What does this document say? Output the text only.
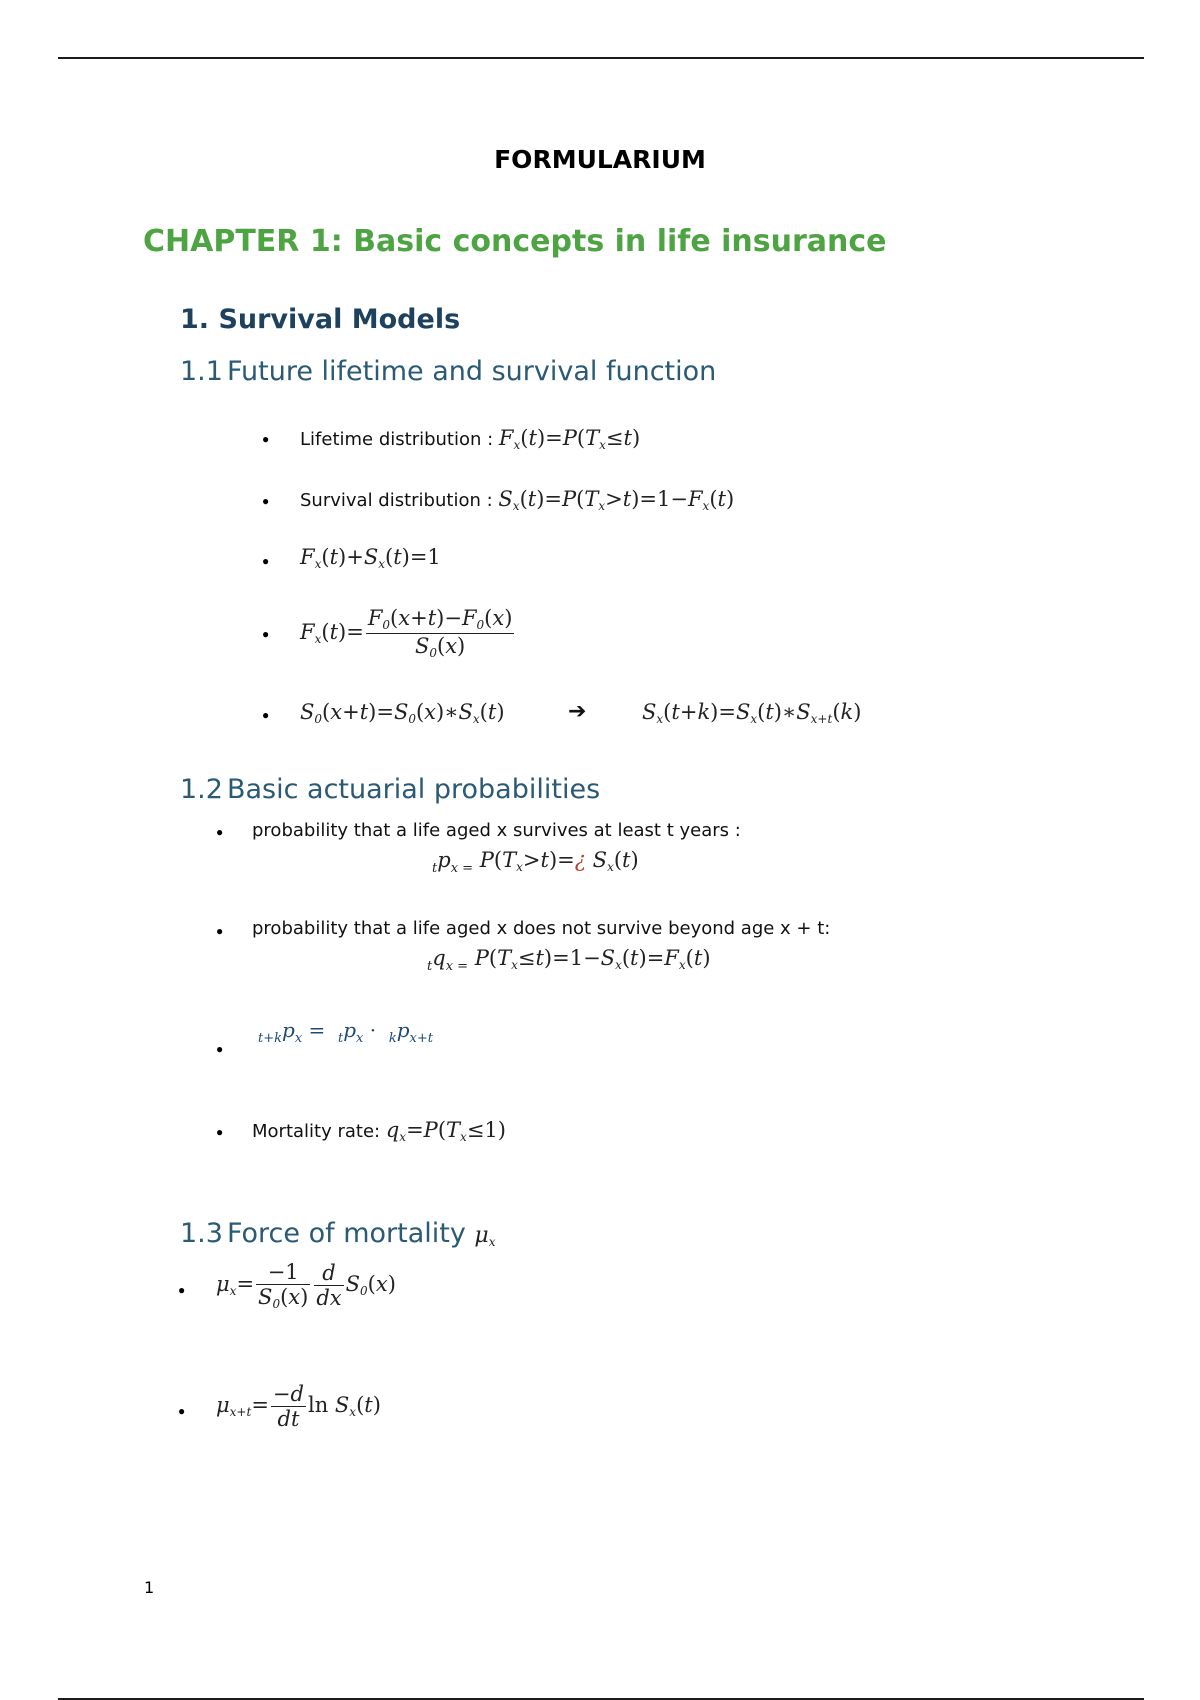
FORMULARIUM
CHAPTER 1: Basic concepts in life insurance
1. Survival Models
1.1 Future lifetime and survival function
●
Lifetime distribution : $F_x(t)=P(T_x\le t)$
●
Survival distribution : $S_x(t)=P(T_x>t)=1-F_x(t)$
●
$F_x(t)+S_x(t)=1$
●
$F_x(t)= \frac{F_0(x+t)-F_0(x)}{S_0(x)}$
●
$S_0(x+t)=S_0(x)∗S_x(t)$	➔	$S_x(t+k)=S_x(t)∗S_{x+t}(k)$
1.2 Basic actuarial probabilities
●
probability that a life aged x survives at least t years :
$_tp_{x =}$ $P(T_x>t)=¿$ $S_x(t)$
●
probability that a life aged x does not survive beyond age x + t:
$_tq_{x =}$ $P(T_x\le t)=1-S_x(t)=F_x(t)$
●
$_{t+k}p_x = _tp_x \cdot _kp_{x+t}$
●
Mortality rate: $q_x=P(T_x\le 1)$
1.3 Force of mortality $\mu_x$
●
$\mu_x= \frac{-1}{S_0(x)} \frac{d}{dx} S_0(x)$
●
$\mu_{x+t}= \frac{-d}{dt}$ $\ln S_x(t)$
1
